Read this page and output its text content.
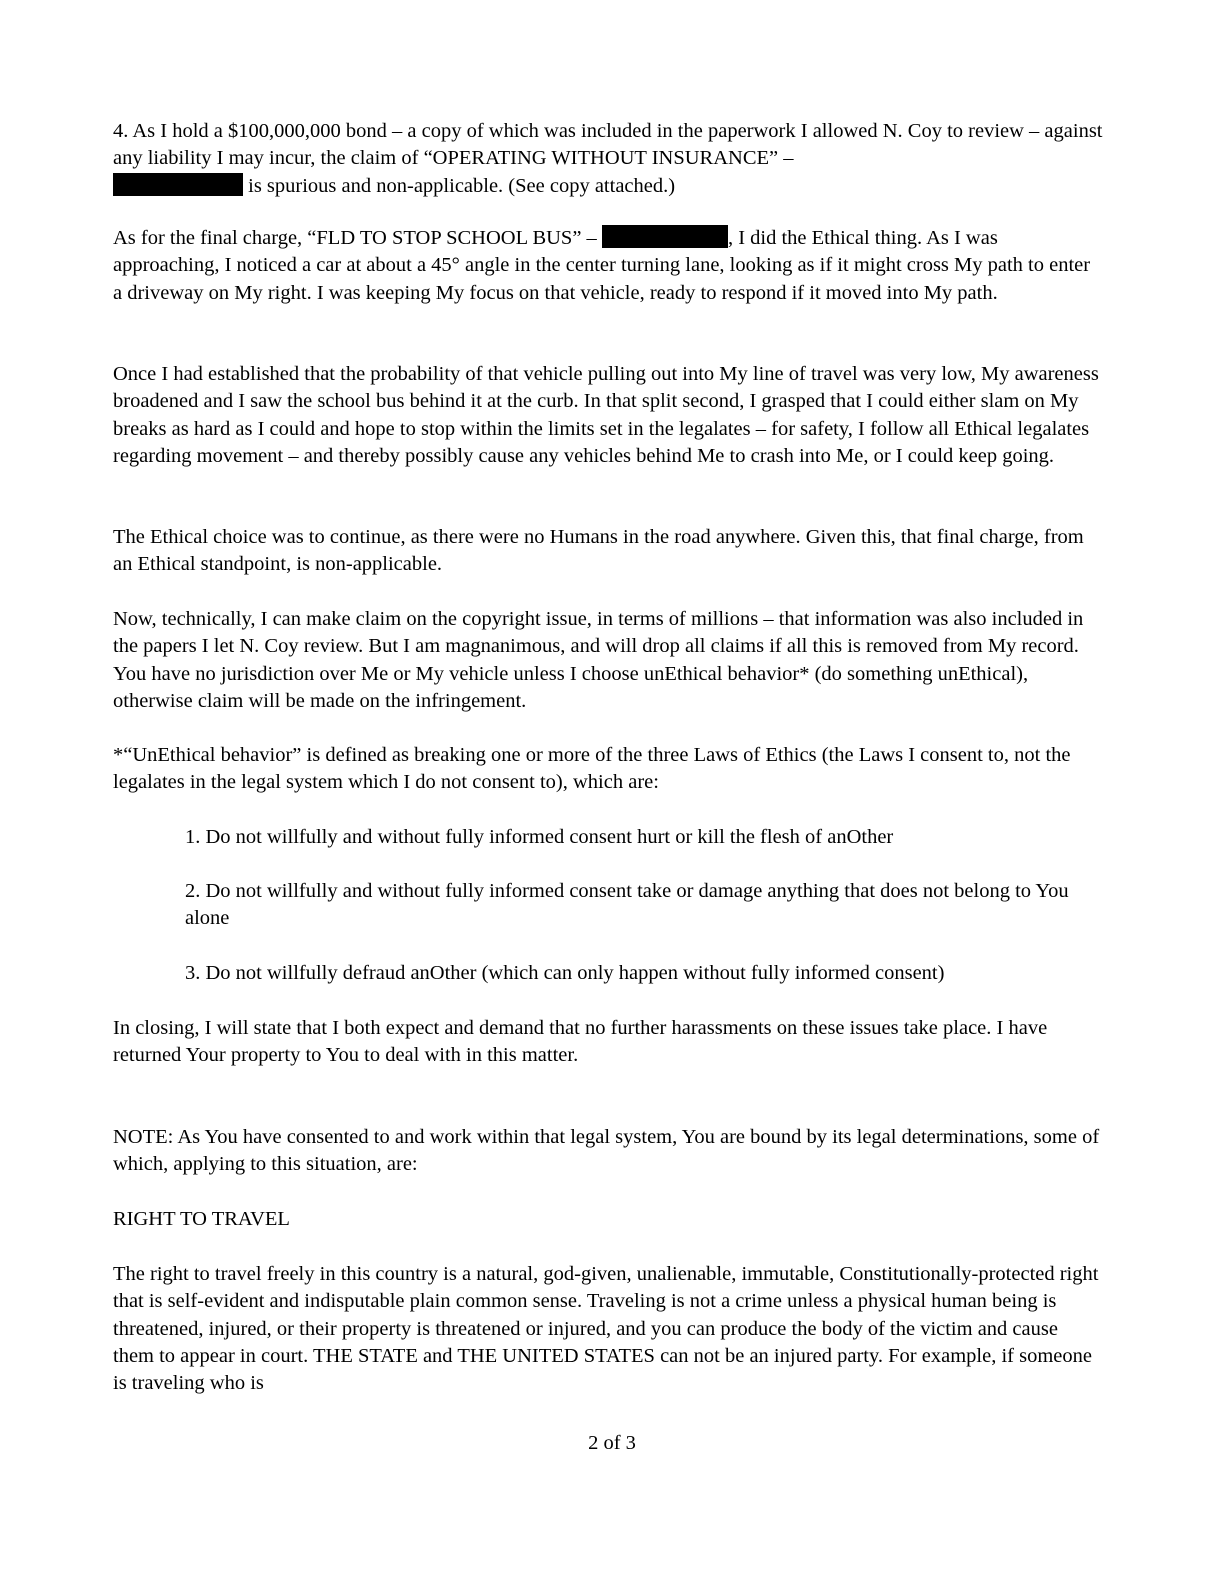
4. As I hold a $100,000,000 bond – a copy of which was included in the paperwork I allowed N. Coy to review – against any liability I may incur, the claim of “OPERATING WITHOUT INSURANCE” –
is spurious and non-applicable. (See copy attached.)

As for the final charge, “FLD TO STOP SCHOOL BUS” –	, I did the Ethical thing. As I was approaching, I noticed a car at about a 45° angle in the center turning lane, looking as if it might cross My path to enter a driveway on My right. I was keeping My focus on that vehicle, ready to respond if it moved into My path.

Once I had established that the probability of that vehicle pulling out into My line of travel was very low, My awareness broadened and I saw the school bus behind it at the curb. In that split second, I grasped that I could either slam on My breaks as hard as I could and hope to stop within the limits set in the legalates – for safety, I follow all Ethical legalates regarding movement – and thereby possibly cause any vehicles behind Me to crash into Me, or I could keep going.

The Ethical choice was to continue, as there were no Humans in the road anywhere. Given this, that final charge, from an Ethical standpoint, is non-applicable.

Now, technically, I can make claim on the copyright issue, in terms of millions – that information was also included in the papers I let N. Coy review. But I am magnanimous, and will drop all claims if all this is removed from My record. You have no jurisdiction over Me or My vehicle unless I choose unEthical behavior* (do something unEthical), otherwise claim will be made on the infringement.

*“UnEthical behavior” is defined as breaking one or more of the three Laws of Ethics (the Laws I consent to, not the legalates in the legal system which I do not consent to), which are:

1. Do not willfully and without fully informed consent hurt or kill the flesh of anOther

2. Do not willfully and without fully informed consent take or damage anything that does not belong to You alone

3. Do not willfully defraud anOther (which can only happen without fully informed consent)

In closing, I will state that I both expect and demand that no further harassments on these issues take place. I have returned Your property to You to deal with in this matter.

NOTE: As You have consented to and work within that legal system, You are bound by its legal determinations, some of which, applying to this situation, are:

RIGHT TO TRAVEL

The right to travel freely in this country is a natural, god-given, unalienable, immutable, Constitutionally-protected right that is self-evident and indisputable plain common sense. Traveling is not a crime unless a physical human being is threatened, injured, or their property is threatened or injured, and you can produce the body of the victim and cause them to appear in court. THE STATE and THE UNITED STATES can not be an injured party. For example, if someone is traveling who is

2 of 3
